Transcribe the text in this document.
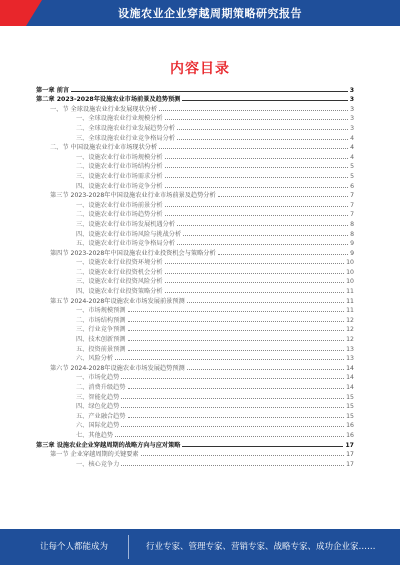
设施农业企业穿越周期策略研究报告
内容目录
第一章 前言	3
第二章 2023-2028年设施农业市场前景及趋势预测	3
一、节 全球设施农业行业发展现状分析	3
一、全球设施农业行业规模分析	3
二、全球设施农业行业发展趋势分析	3
三、全球设施农业行业竞争格局分析	4
二、节 中国设施农业行业市场现状分析	4
一、设施农业行业市场规模分析	4
二、设施农业行业市场结构分析	5
三、设施农业行业市场需求分析	5
四、设施农业行业市场竞争分析	6
第三节 2023-2028年中国设施农业行业市场前景及趋势分析	7
一、设施农业行业市场前景分析	7
二、设施农业行业市场趋势分析	7
三、设施农业行业市场发展机遇分析	8
四、设施农业行业市场风险与挑战分析	8
五、设施农业行业市场竞争格局分析	9
第四节 2023-2028年中国设施农业行业投资机会与策略分析	9
一、设施农业行业投资环境分析	10
二、设施农业行业投资机会分析	10
三、设施农业行业投资风险分析	10
四、设施农业行业投资策略分析	11
第五节 2024-2028年设施农业市场发展前景预测	11
一、市场规模预测	11
二、市场结构预测	12
三、行业竞争预测	12
四、技术创新预测	12
五、投资前景预测	13
六、风险分析	13
第六节 2024-2028年设施农业市场发展趋势预测	14
一、市场化趋势	14
二、消费升级趋势	14
三、智能化趋势	15
四、绿色化趋势	15
五、产业融合趋势	15
六、国际化趋势	16
七、其他趋势	16
第三章 设施农业企业穿越周期的战略方向与应对策略	17
第一节 企业穿越周期的关键要素	17
一、核心竞争力	17
让每个人都能成为	行业专家、管理专家、营销专家、战略专家、成功企业家……
